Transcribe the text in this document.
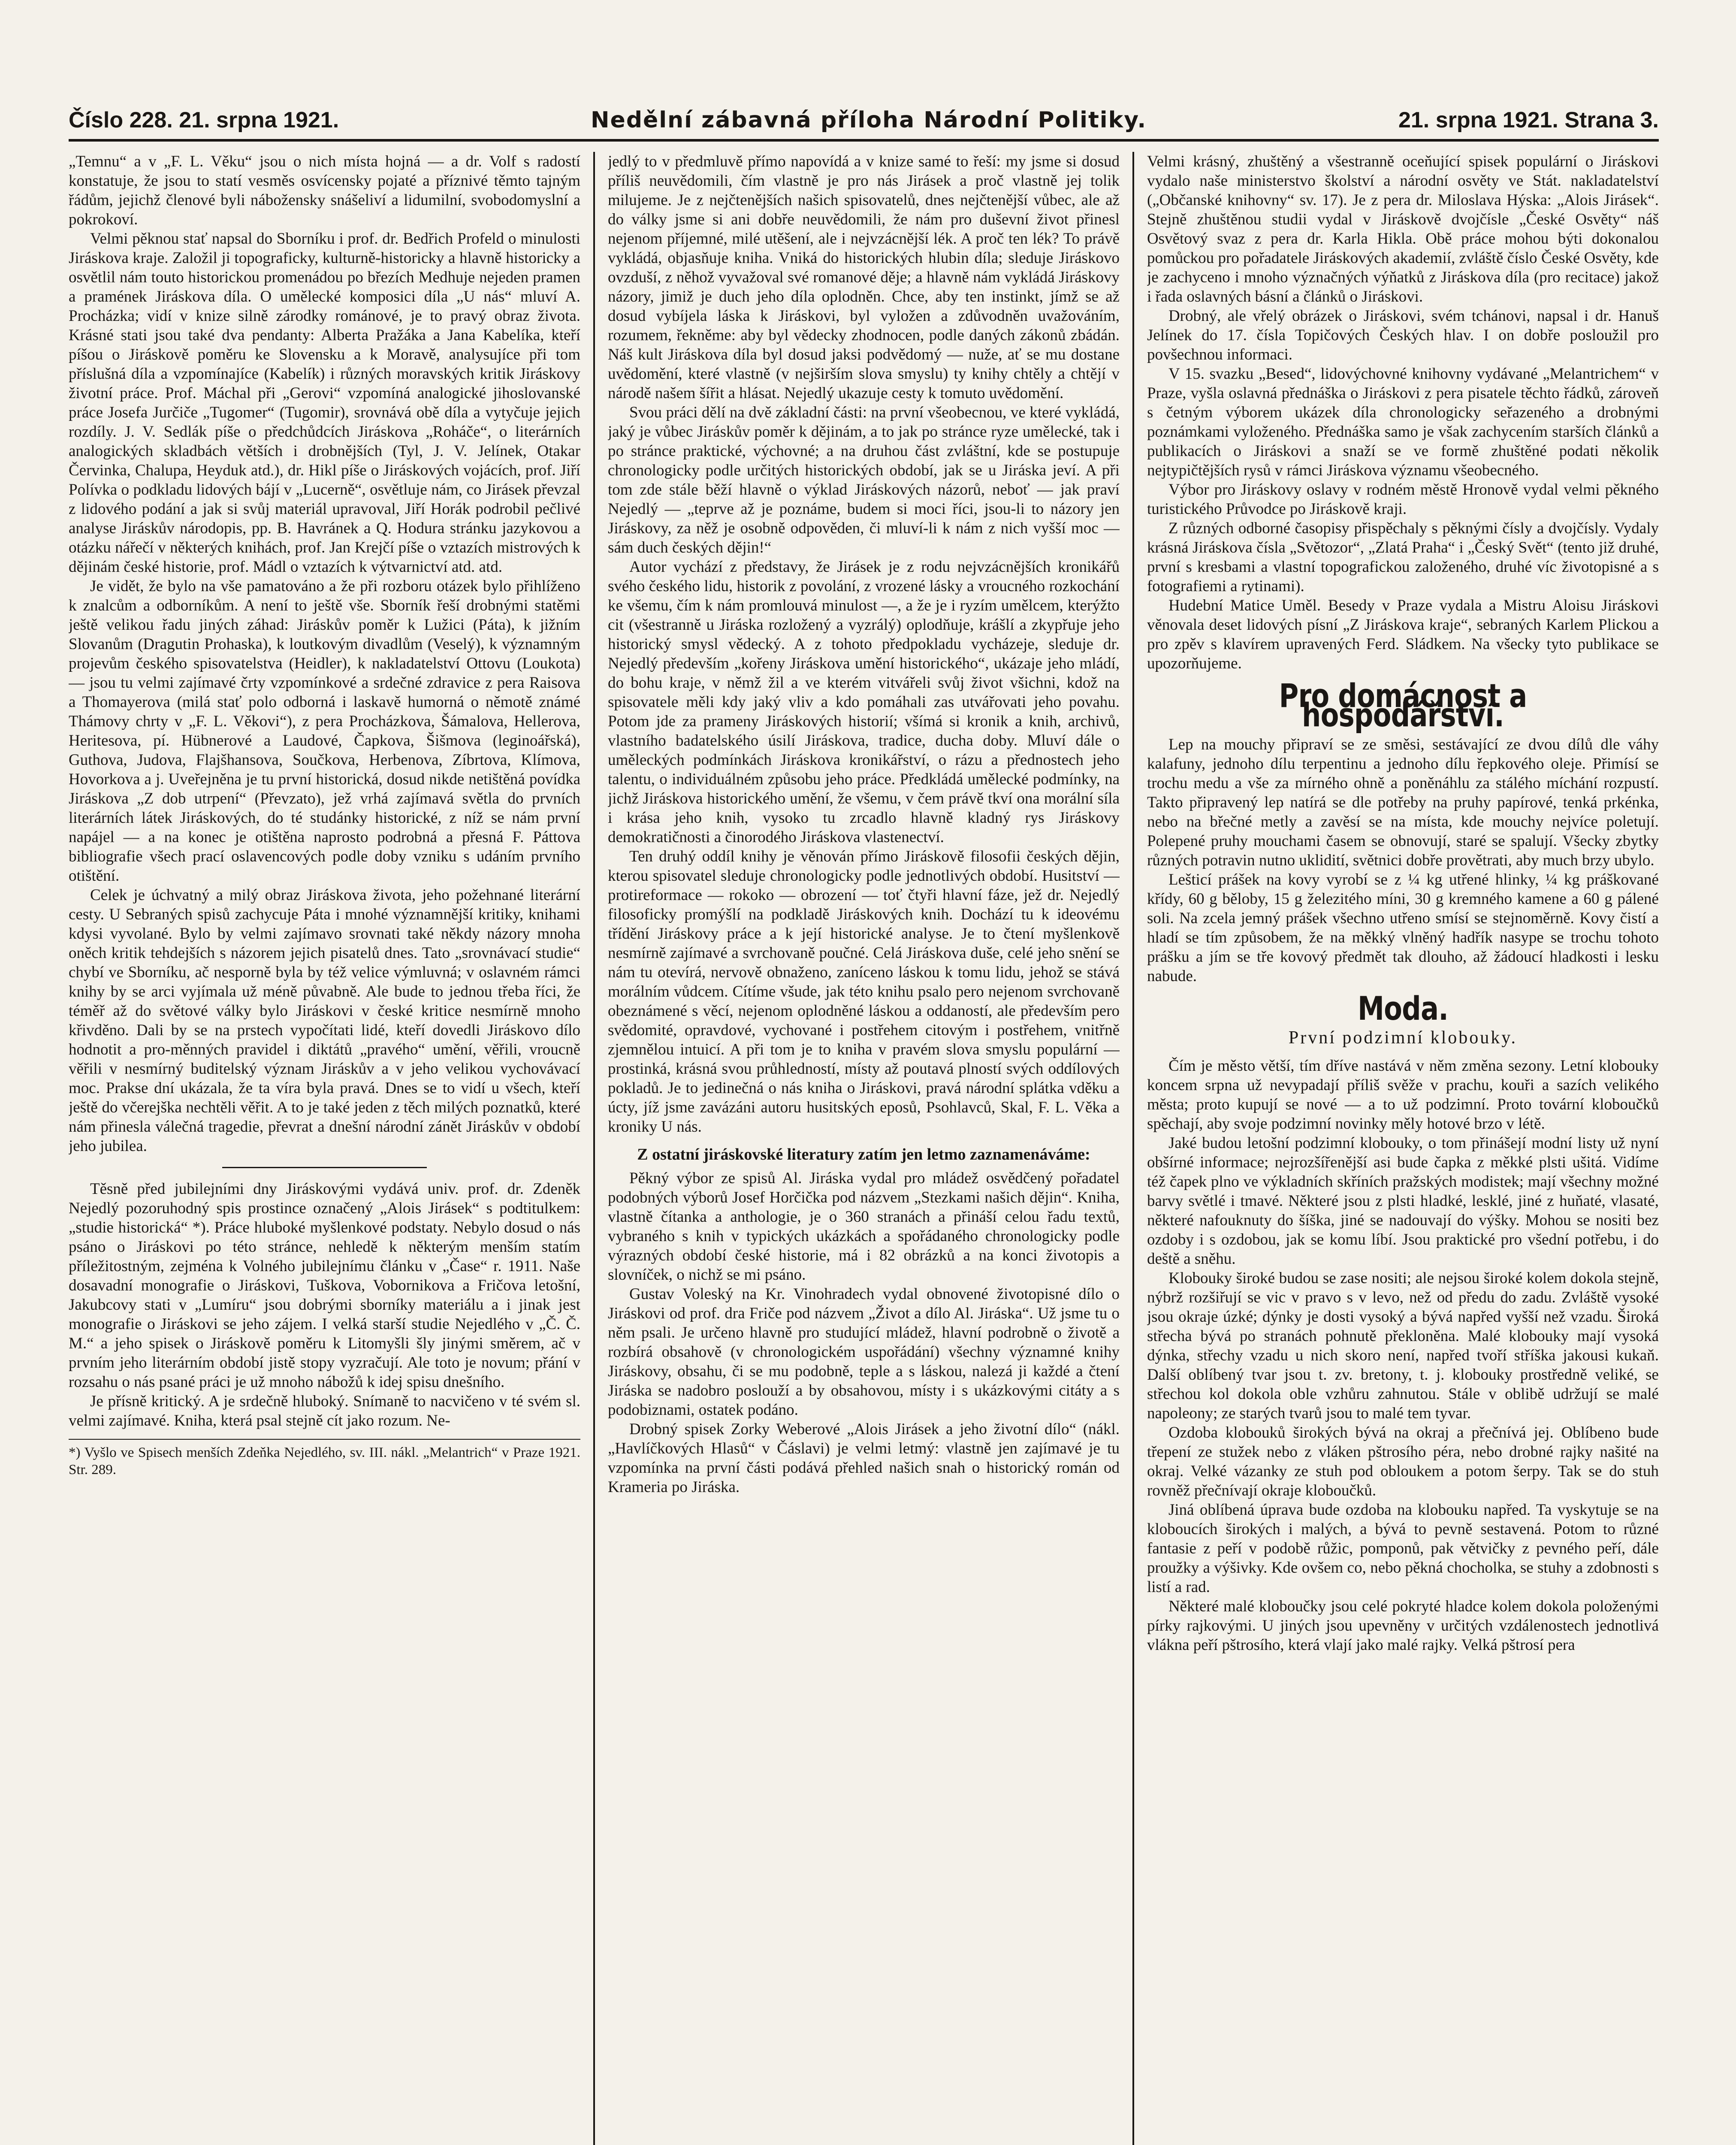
Číslo 228. 21. srpna 1921.	Nedělní zábavná příloha Národní Politiky.	21. srpna 1921. Strana 3.

„Temnu“ a v „F. L. Věku“ jsou o nich místa hojná — a dr. Volf s radostí konstatuje, že jsou to statí vesměs osvícensky pojaté a příznivé těmto tajným řádům, jejichž členové byli nábožensky snášeliví a lidumilní, svobodomyslní a pokrokoví.

Velmi pěknou stať napsal do Sborníku i prof. dr. Bedřich Profeld o minulosti Jiráskova kraje. Založil ji topograficky, kulturně-historicky a hlavně historicky a osvětlil nám touto historickou promenádou po březích Medhuje nejeden pramen a pramének Jiráskova díla. O umělecké komposici díla „U nás“ mluví A. Procházka; vidí v knize silně zárodky románové, je to pravý obraz života. Krásné stati jsou také dva pendanty: Alberta Pražáka a Jana Kabelíka, kteří píšou o Jiráskově poměru ke Slovensku a k Moravě, analysujíce při tom příslušná díla a vzpomínajíce (Kabelík) i různých moravských kritik Jiráskovy životní práce. Prof. Máchal při „Gerovi“ vzpomíná analogické jihoslovanské práce Josefa Jurčiče „Tugomer“ (Tugomir), srovnává obě díla a vytyčuje jejich rozdíly. J. V. Sedlák píše o předchůdcích Jiráskova „Roháče“, o literárních analogických skladbách větších i drobnějších (Tyl, J. V. Jelínek, Otakar Červinka, Chalupa, Heyduk atd.), dr. Hikl píše o Jiráskových vojácích, prof. Jiří Polívka o podkladu lidových bájí v „Lucerně“, osvětluje nám, co Jirásek převzal z lidového podání a jak si svůj materiál upravoval, Jiří Horák podrobil pečlivé analyse Jiráskův národopis, pp. B. Havránek a Q. Hodura stránku jazykovou a otázku nářečí v některých knihách, prof. Jan Krejčí píše o vztazích mistrových k dějinám české historie, prof. Mádl o vztazích k výtvarnictví atd. atd.

Je vidět, že bylo na vše pamatováno a že při rozboru otázek bylo přihlíženo k znalcům a odborníkům. A není to ještě vše. Sborník řeší drobnými statěmi ještě velikou řadu jiných záhad: Jiráskův poměr k Lužici (Páta), k jižním Slovanům (Dragutin Prohaska), k loutkovým divadlům (Veselý), k významným projevům českého spisovatelstva (Heidler), k nakladatelství Ottovu (Loukota) — jsou tu velmi zajímavé črty vzpomínkové a srdečné zdravice z pera Raisova a Thomayerova (milá stať polo odborná i laskavě humorná o němotě známé Thámovy chrty v „F. L. Věkovi“), z pera Procházkova, Šámalova, Hellerova, Heritesova, pí. Hübnerové a Laudové, Čapkova, Šišmova (leginoářská), Guthova, Judova, Flajšhansova, Součkova, Herbenova, Zíbrtova, Klímova, Hovorkova a j. Uveřejněna je tu první historická, dosud nikde netištěná povídka Jiráskova „Z dob utrpení“ (Převzato), jež vrhá zajímavá světla do prvních literárních látek Jiráskových, do té studánky historické, z níž se nám první napájel — a na konec je otištěna naprosto podrobná a přesná F. Páttova bibliografie všech prací oslavencových podle doby vzniku s udáním prvního otištění.

Celek je úchvatný a milý obraz Jiráskova života, jeho požehnané literární cesty. U Sebraných spisů zachycuje Páta i mnohé významnější kritiky, knihami kdysi vyvolané. Bylo by velmi zajímavo srovnati také někdy názory mnoha oněch kritik tehdejších s názorem jejich pisatelů dnes. Tato „srovnávací studie“ chybí ve Sborníku, ač nesporně byla by též velice výmluvná; v oslavném rámci knihy by se arci vyjímala už méně půvabně. Ale bude to jednou třeba říci, že téměř až do světové války bylo Jiráskovi v české kritice nesmírně mnoho křivděno. Dali by se na prstech vypočítati lidé, kteří dovedli Jiráskovo dílo hodnotit a pro-měnných pravidel i diktátů „pravého“ umění, věřili, vroucně věřili v nesmírný buditelský význam Jiráskův a v jeho velikou vychovávací moc. Prakse dní ukázala, že ta víra byla pravá. Dnes se to vidí u všech, kteří ještě do včerejška nechtěli věřit. A to je také jeden z těch milých poznatků, které nám přinesla válečná tragedie, převrat a dnešní národní zánět Jiráskův v období jeho jubilea.

Těsně před jubilejními dny Jiráskovými vydává univ. prof. dr. Zdeněk Nejedlý pozoruhodný spis prostince označený „Alois Jirásek“ s podtitulkem: „studie historická“ *). Práce hluboké myšlenkové podstaty. Nebylo dosud o nás psáno o Jiráskovi po této stránce, nehledě k některým menším statím příležitostným, zejména k Volného jubilejnímu článku v „Čase“ r. 1911. Naše dosavadní monografie o Jiráskovi, Tuškova, Vobornikova a Fričova letošní, Jakubcovy stati v „Lumíru“ jsou dobrými sborníky materiálu a i jinak jest monografie o Jiráskovi se jeho zájem. I velká starší studie Nejedlého v „Č. Č. M.“ a jeho spisek o Jiráskově poměru k Litomyšli šly jinými směrem, ač v prvním jeho literárním období jistě stopy vyzračují. Ale toto je novum; přání v rozsahu o nás psané práci je už mnoho nábožů k idej spisu dnešního.

Je přísně kritický. A je srdečně hluboký. Snímaně to nacvičeno v té svém sl. velmi zajímavé. Kniha, která psal stejně cít jako rozum. Ne-

*) Vyšlo ve Spisech menších Zdeňka Nejedlého, sv. III. nákl. „Melantrich“ v Praze 1921. Str. 289.

jedlý to v předmluvě přímo napovídá a v knize samé to řeší: my jsme si dosud příliš neuvědomili, čím vlastně je pro nás Jirásek a proč vlastně jej tolik milujeme. Je z nejčtenějších našich spisovatelů, dnes nejčtenější vůbec, ale až do války jsme si ani dobře neuvědomili, že nám pro duševní život přinesl nejenom příjemné, milé utěšení, ale i nejvzácnější lék. A proč ten lék? To právě vykládá, objasňuje kniha. Vniká do historických hlubin díla; sleduje Jiráskovo ovzduší, z něhož vyvažoval své romanové děje; a hlavně nám vykládá Jiráskovy názory, jimiž je duch jeho díla oplodněn. Chce, aby ten instinkt, jímž se až dosud vybíjela láska k Jiráskovi, byl vyložen a zdůvodněn uvažováním, rozumem, řekněme: aby byl vědecky zhodnocen, podle daných zákonů zbádán. Náš kult Jiráskova díla byl dosud jaksi podvědomý — nuže, ať se mu dostane uvědomění, které vlastně (v nejširším slova smyslu) ty knihy chtěly a chtějí v národě našem šířit a hlásat. Nejedlý ukazuje cesty k tomuto uvědomění.

Svou práci dělí na dvě základní části: na první všeobecnou, ve které vykládá, jaký je vůbec Jiráskův poměr k dějinám, a to jak po stránce ryze umělecké, tak i po stránce praktické, výchovné; a na druhou část zvláštní, kde se postupuje chronologicky podle určitých historických období, jak se u Jiráska jeví. A při tom zde stále běží hlavně o výklad Jiráskových názorů, neboť — jak praví Nejedlý — „teprve až je poznáme, budem si moci říci, jsou-li to názory jen Jiráskovy, za něž je osobně odpověden, či mluví-li k nám z nich vyšší moc — sám duch českých dějin!“

Autor vychází z představy, že Jirásek je z rodu nejvzácnějších kronikářů svého českého lidu, historik z povolání, z vrozené lásky a vroucného rozkochání ke všemu, čím k nám promlouvá minulost —, a že je i ryzím umělcem, kterýžto cit (všestranně u Jiráska rozložený a vyzrálý) oplodňuje, krášlí a zkypřuje jeho historický smysl vědecký. A z tohoto předpokladu vycházeje, sleduje dr. Nejedlý především „kořeny Jiráskova umění historického“, ukázaje jeho mládí, do bohu kraje, v němž žil a ve kterém vitvářeli svůj život všichni, kdož na spisovatele měli kdy jaký vliv a kdo pomáhali zas utvářovati jeho povahu. Potom jde za prameny Jiráskových historií; všímá si kronik a knih, archivů, vlastního badatelského úsilí Jiráskova, tradice, ducha doby. Mluví dále o uměleckých podmínkách Jiráskova kronikářství, o rázu a přednostech jeho talentu, o individuálném způsobu jeho práce. Předkládá umělecké podmínky, na jichž Jiráskova historického umění, že všemu, v čem právě tkví ona morální síla i krása jeho knih, vysoko tu zrcadlo hlavně kladný rys Jiráskovy demokratičnosti a činorodého Jiráskova vlastenectví.

Ten druhý oddíl knihy je věnován přímo Jiráskově filosofii českých dějin, kterou spisovatel sleduje chronologicky podle jednotlivých období. Husitství — protireformace — rokoko — obrození — toť čtyři hlavní fáze, jež dr. Nejedlý filosoficky promýšlí na podkladě Jiráskových knih. Dochází tu k ideovému třídění Jiráskovy práce a k její historické analyse. Je to čtení myšlenkově nesmírně zajímavé a svrchovaně poučné. Celá Jiráskova duše, celé jeho snění se nám tu otevírá, nervově obnaženo, zaníceno láskou k tomu lidu, jehož se stává morálním vůdcem. Cítíme všude, jak této knihu psalo pero nejenom svrchovaně obeznámené s věcí, nejenom oplodněné láskou a oddaností, ale především pero svědomité, opravdové, vychované i postřehem citovým i postřehem, vnitřně zjemnělou intuicí. A při tom je to kniha v pravém slova smyslu populární — prostinká, krásná svou průhledností, místy až poutavá plností svých oddílových pokladů. Je to jedinečná o nás kniha o Jiráskovi, pravá národní splátka vděku a úcty, jíž jsme zavázáni autoru husitských eposů, Psohlavců, Skal, F. L. Věka a kroniky U nás.

Z ostatní jiráskovské literatury zatím jen letmo zaznamenáváme:

Pěkný výbor ze spisů Al. Jiráska vydal pro mládež osvědčený pořadatel podobných výborů Josef Horčička pod názvem „Stezkami našich dějin“. Kniha, vlastně čítanka a anthologie, je o 360 stranách a přináší celou řadu textů, vybraného s knih v typických ukázkách a spořádaného chronologicky podle výrazných období české historie, má i 82 obrázků a na konci životopis a slovníček, o nichž se mi psáno.

Gustav Voleský na Kr. Vinohradech vydal obnovené životopisné dílo o Jiráskovi od prof. dra Friče pod názvem „Život a dílo Al. Jiráska“. Už jsme tu o něm psali. Je určeno hlavně pro studující mládež, hlavní podrobně o životě a rozbírá obsahově (v chronologickém uspořádání) všechny významné knihy Jiráskovy, obsahu, či se mu podobně, teple a s láskou, nalezá ji každé a čtení Jiráska se nadobro poslouží a by obsahovou, místy i s ukázkovými citáty a s podobiznami, ostatek podáno.

Drobný spisek Zorky Weberové „Alois Jirásek a jeho životní dílo“ (nákl. „Havlíčkových Hlasů“ v Čáslavi) je velmi letmý: vlastně jen zajímavé je tu vzpomínka na první části podává přehled našich snah o historický román od Krameria po Jiráska.

Velmi krásný, zhuštěný a všestranně oceňující spisek populární o Jiráskovi vydalo naše ministerstvo školství a národní osvěty ve Stát. nakladatelství („Občanské knihovny“ sv. 17). Je z pera dr. Miloslava Hýska: „Alois Jirásek“. Stejně zhuštěnou studii vydal v Jiráskově dvojčísle „České Osvěty“ náš Osvětový svaz z pera dr. Karla Hikla. Obě práce mohou býti dokonalou pomůckou pro pořadatele Jiráskových akademií, zvláště číslo České Osvěty, kde je zachyceno i mnoho význačných výňatků z Jiráskova díla (pro recitace) jakož i řada oslavných básní a článků o Jiráskovi.

Drobný, ale vřelý obrázek o Jiráskovi, svém tchánovi, napsal i dr. Hanuš Jelínek do 17. čísla Topičových Českých hlav. I on dobře posloužil pro povšechnou informaci.

V 15. svazku „Besed“, lidovýchovné knihovny vydávané „Melantrichem“ v Praze, vyšla oslavná přednáška o Jiráskovi z pera pisatele těchto řádků, zároveň s četným výborem ukázek díla chronologicky seřazeného a drobnými poznámkami vyloženého. Přednáška samo je však zachycením starších článků a publikacích o Jiráskovi a snaží se ve formě zhuštěné podati několik nejtypičtějších rysů v rámci Jiráskova významu všeobecného.

Výbor pro Jiráskovy oslavy v rodném městě Hronově vydal velmi pěkného turistického Průvodce po Jiráskově kraji.

Z různých odborné časopisy přispěchaly s pěknými čísly a dvojčísly. Vydaly krásná Jiráskova čísla „Světozor“, „Zlatá Praha“ i „Český Svět“ (tento již druhé, první s kresbami a vlastní topografickou založeného, druhé víc životopisné a s fotografiemi a rytinami).

Hudební Matice Uměl. Besedy v Praze vydala a Mistru Aloisu Jiráskovi věnovala deset lidových písní „Z Jiráskova kraje“, sebraných Karlem Plickou a pro zpěv s klavírem upravených Ferd. Sládkem. Na všecky tyto publikace se upozorňujeme.

Pro domácnost a hospodářství.

Lep na mouchy připraví se ze směsi, sestávající ze dvou dílů dle váhy kalafuny, jednoho dílu terpentinu a jednoho dílu řepkového oleje. Přimísí se trochu medu a vše za mírného ohně a poněnáhlu za stálého míchání rozpustí. Takto připravený lep natírá se dle potřeby na pruhy papírové, tenká prkénka, nebo na břečné metly a zavěsí se na místa, kde mouchy nejvíce poletují. Polepené pruhy mouchami časem se obnovují, staré se spalují. Všecky zbytky různých potravin nutno uklidití, světnici dobře provětrati, aby much brzy ubylo.

Lešticí prášek na kovy vyrobí se z ¼ kg utřené hlinky, ¼ kg práškované křídy, 60 g běloby, 15 g železitého míni, 30 g kremného kamene a 60 g pálené soli. Na zcela jemný prášek všechno utřeno smísí se stejnoměrně. Kovy čistí a hladí se tím způsobem, že na měkký vlněný hadřík nasype se trochu tohoto prášku a jím se tře kovový předmět tak dlouho, až žádoucí hladkosti i lesku nabude.

Moda.
První podzimní klobouky.

Čím je město větší, tím dříve nastává v něm změna sezony. Letní klobouky koncem srpna už nevypadají příliš svěže v prachu, kouři a sazích velikého města; proto kupují se nové — a to už podzimní. Proto tovární kloboučků spěchají, aby svoje podzimní novinky měly hotové brzo v létě.

Jaké budou letošní podzimní klobouky, o tom přinášejí modní listy už nyní obšírné informace; nejrozšířenější asi bude čapka z měkké plsti ušitá. Vidíme též čapek plno ve výkladních skříních pražských modistek; mají všechny možné barvy světlé i tmavé. Některé jsou z plsti hladké, lesklé, jiné z huňaté, vlasaté, některé nafouknuty do šíška, jiné se nadouvají do výšky. Mohou se nositi bez ozdoby i s ozdobou, jak se komu líbí. Jsou praktické pro všední potřebu, i do deště a sněhu.

Klobouky široké budou se zase nositi; ale nejsou široké kolem dokola stejně, nýbrž rozšiřují se vic v pravo s v levo, než od předu do zadu. Zvláště vysoké jsou okraje úzké; dýnky je dosti vysoký a bývá napřed vyšší než vzadu. Široká střecha bývá po stranách pohnutě překloněna. Malé klobouky mají vysoká dýnka, střechy vzadu u nich skoro není, napřed tvoří stříška jakousi kukaň. Další oblíbený tvar jsou t. zv. bretony, t. j. klobouky prostředně veliké, se střechou kol dokola oble vzhůru zahnutou. Stále v oblibě udržují se malé napoleony; ze starých tvarů jsou to malé tem tyvar.

Ozdoba klobouků širokých bývá na okraj a přečnívá jej. Oblíbeno bude třepení ze stužek nebo z vláken pštrosího péra, nebo drobné rajky našité na okraj. Velké vázanky ze stuh pod obloukem a potom šerpy. Tak se do stuh rovněž přečnívají okraje kloboučků.

Jiná oblíbená úprava bude ozdoba na klobouku napřed. Ta vyskytuje se na kloboucích širokých i malých, a bývá to pevně sestavená. Potom to různé fantasie z peří v podobě růžic, pomponů, pak větvičky z pevného peří, dále proužky a výšivky. Kde ovšem co, nebo pěkná chocholka, se stuhy a zdobnosti s listí a rad.

Některé malé kloboučky jsou celé pokryté hladce kolem dokola položenými pírky rajkovými. U jiných jsou upevněny v určitých vzdálenostech jednotlivá vlákna peří pštrosího, která vlají jako malé rajky. Velká pštrosí pera
